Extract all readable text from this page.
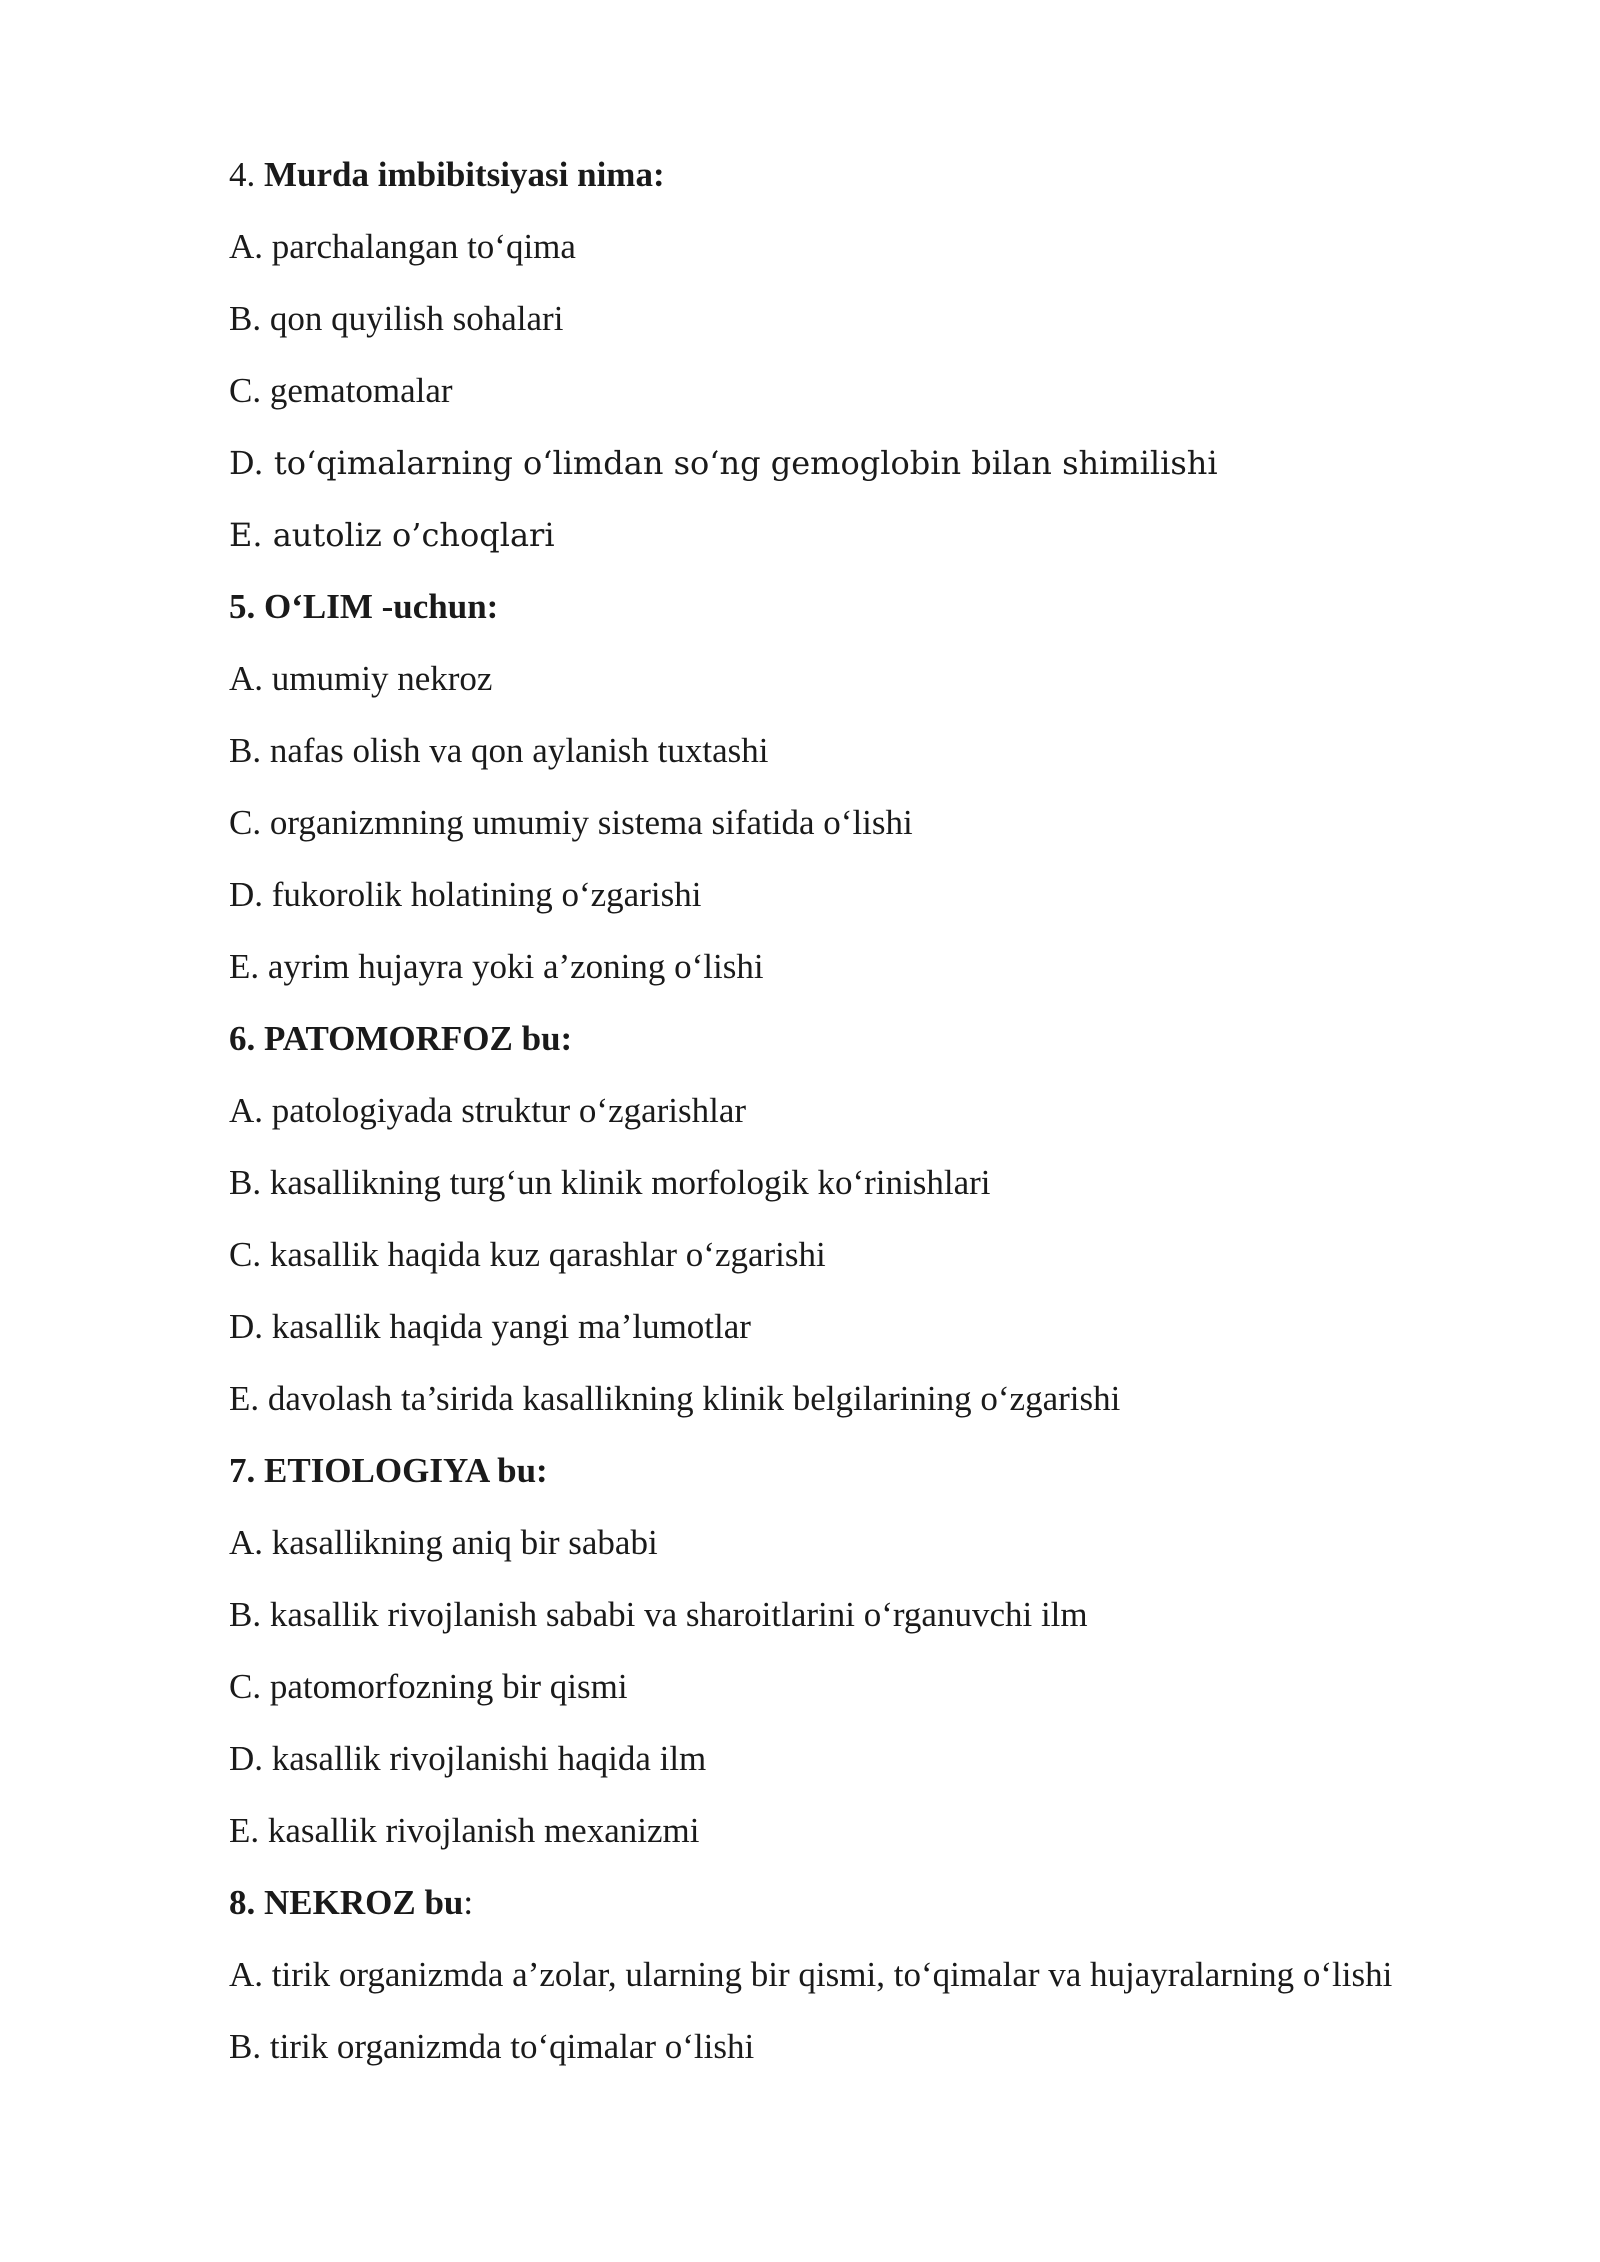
4. Murda imbibitsiyasi nima:
A. parchalangan to‘qima
B. qon quyilish sohalari
C. gematomalar
D. to‘qimalarning o‘limdan so‘ng gemoglobin bilan shimilishi
E. autoliz o’choqlari
5. O‘LIM -uchun:
A. umumiy nekroz
B. nafas olish va qon aylanish tuxtashi
C. organizmning umumiy sistema sifatida o‘lishi
D. fukorolik holatining o‘zgarishi
E. ayrim hujayra yoki a’zoning o‘lishi
6. PATOMORFOZ bu:
A. patologiyada struktur o‘zgarishlar
B. kasallikning turg‘un klinik morfologik ko‘rinishlari
C. kasallik haqida kuz qarashlar o‘zgarishi
D. kasallik haqida yangi ma’lumotlar
E. davolash ta’sirida kasallikning klinik belgilarining o‘zgarishi
7. ETIOLOGIYA bu:
A. kasallikning aniq bir sababi
B. kasallik rivojlanish sababi va sharoitlarini o‘rganuvchi ilm
C. patomorfozning bir qismi
D. kasallik rivojlanishi haqida ilm
E. kasallik rivojlanish mexanizmi
8. NEKROZ bu:
A. tirik organizmda a’zolar, ularning bir qismi, to‘qimalar va hujayralarning o‘lishi
B. tirik organizmda to‘qimalar o‘lishi
